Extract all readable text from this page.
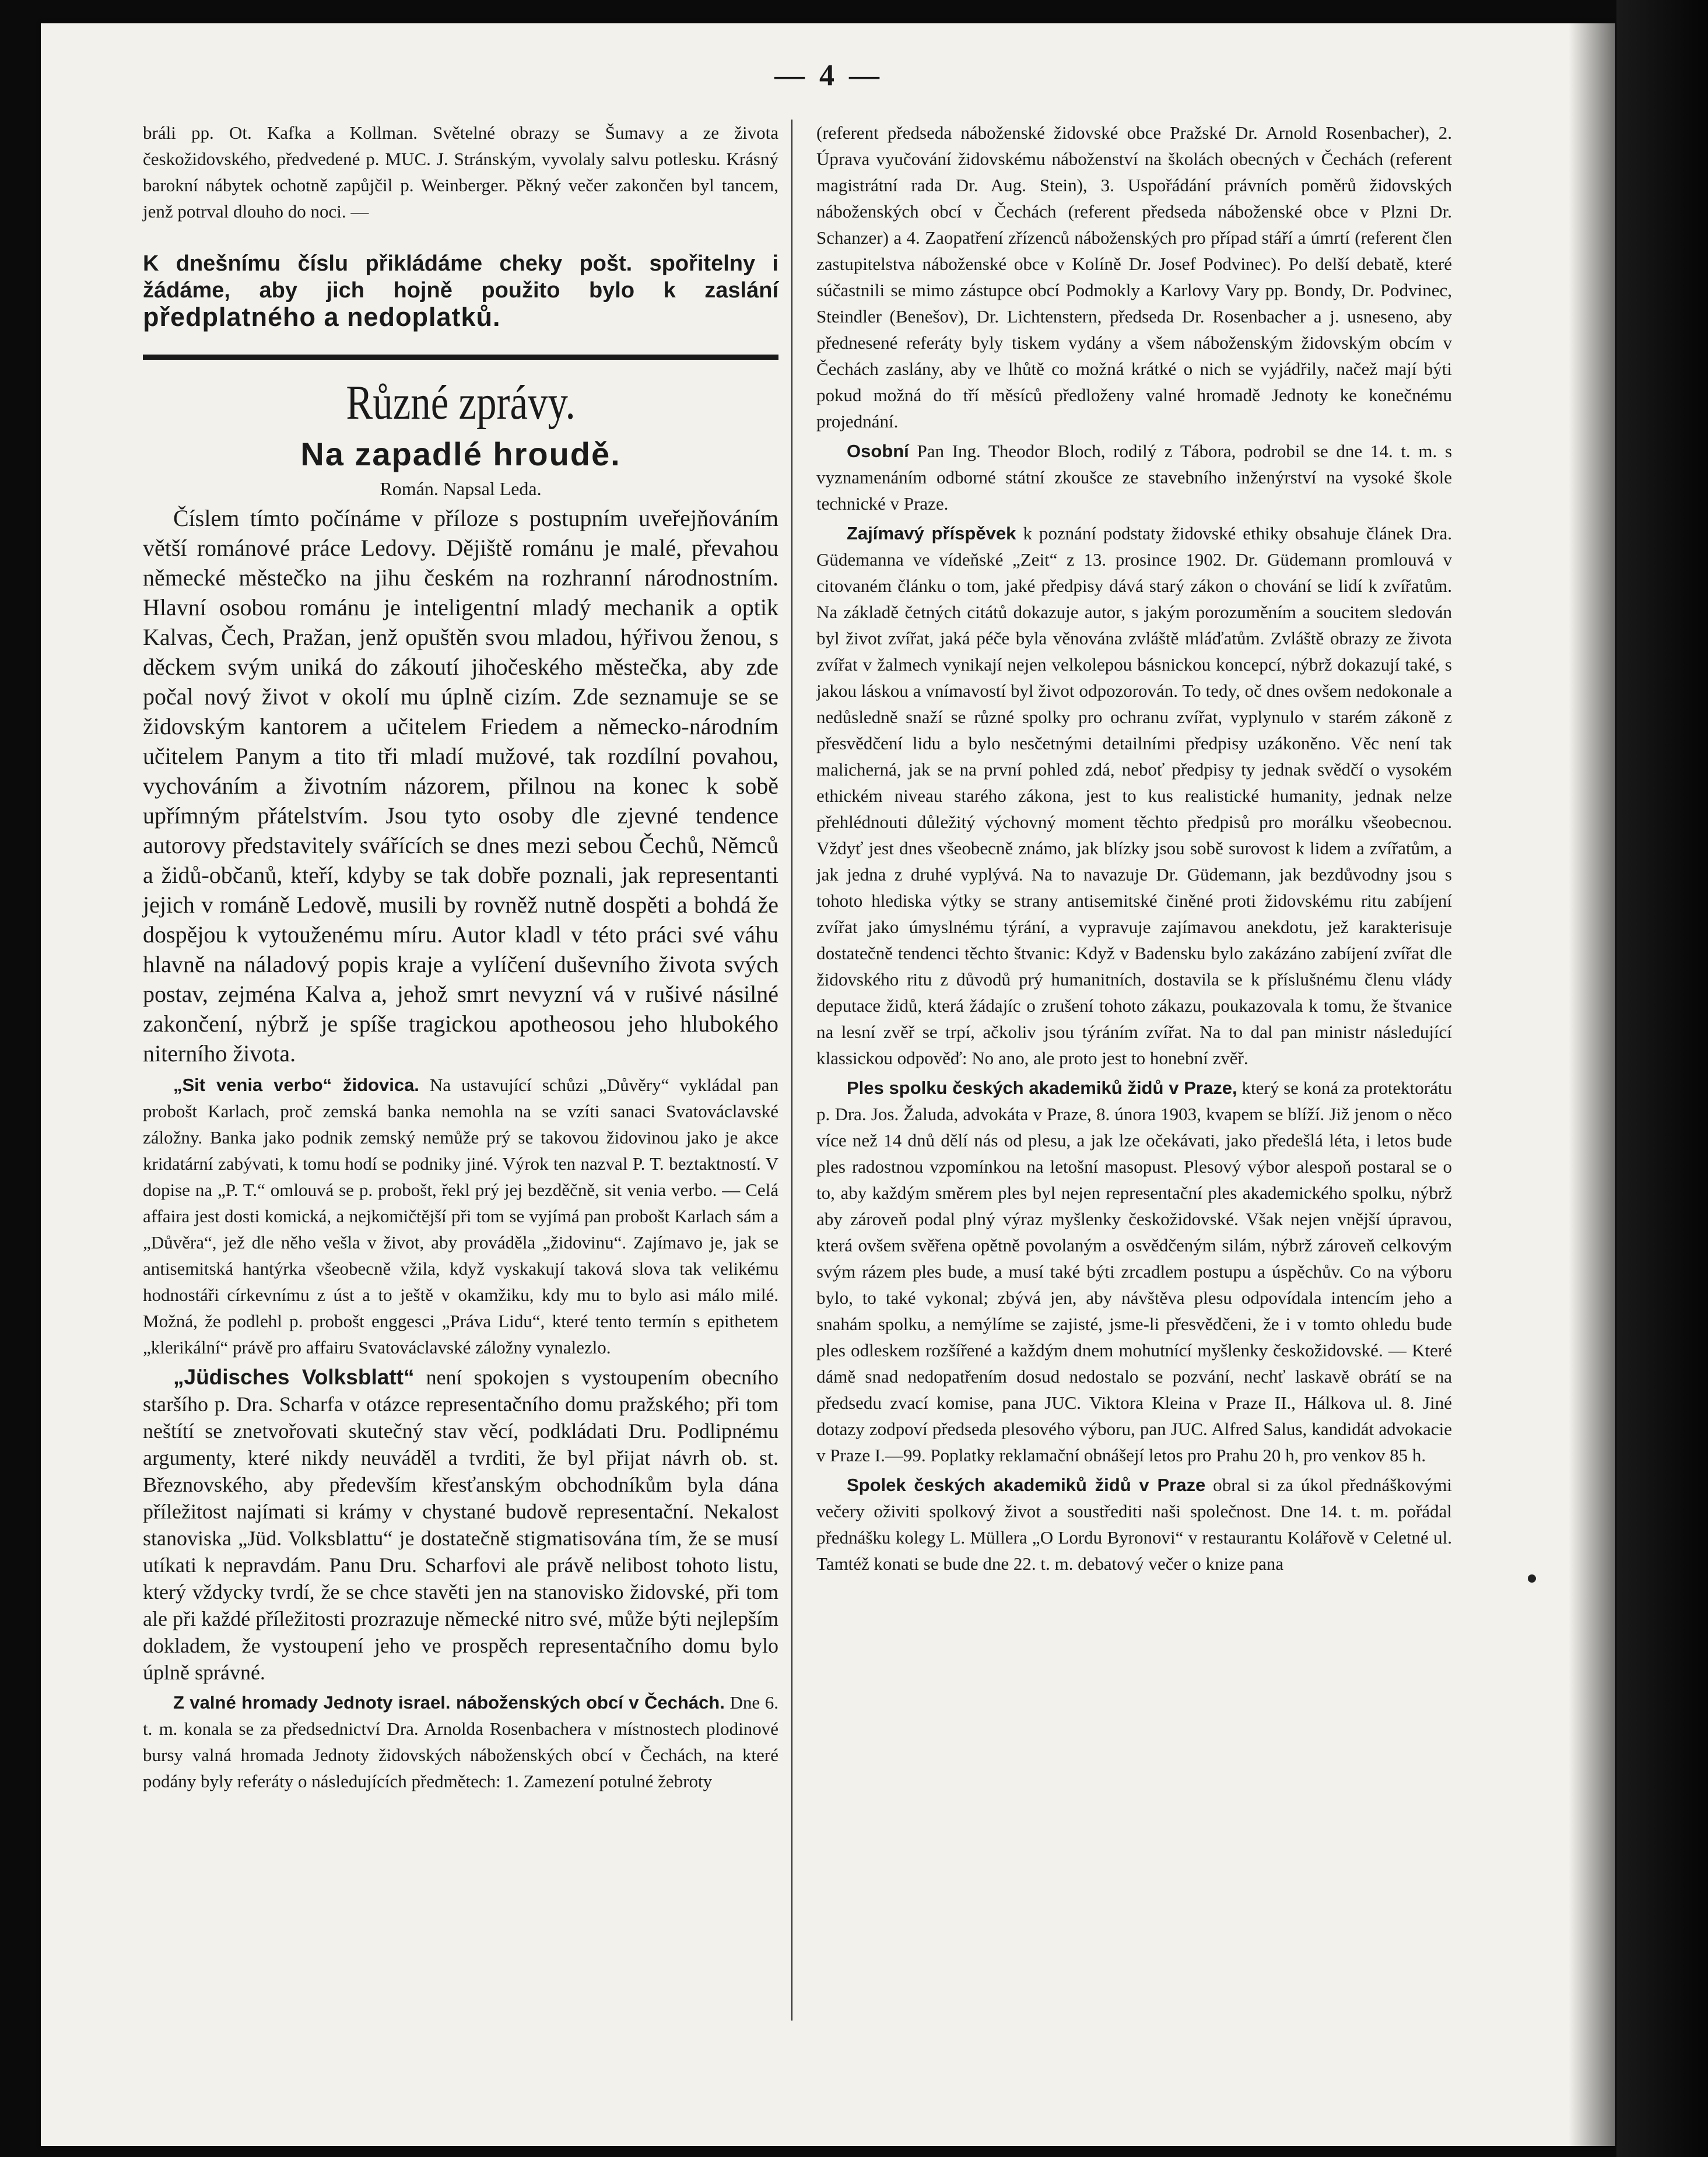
— 4 —

bráli pp. Ot. Kafka a Kollman. Světelné obrazy se Šumavy a ze života českožidovského, předvedené p. MUC. J. Stránským, vyvolaly salvu potlesku. Krásný barokní nábytek ochotně zapůjčil p. Weinberger. Pěkný večer zakončen byl tancem, jenž potrval dlouho do noci. —

K dnešnímu číslu přikládáme cheky pošt. spořitelny i žádáme, aby jich hojně použito bylo k zaslání předplatného a nedoplatků.
Různé zprávy.
Na zapadlé hroudě.
Román. Napsal Leda.

Číslem tímto počínáme v příloze s postupním uveřejňováním větší románové práce Ledovy. Dějiště románu je malé, převahou německé městečko na jihu českém na rozhranní národnostním. Hlavní osobou románu je inteligentní mladý mechanik a optik Kalvas, Čech, Pražan, jenž opuštěn svou mladou, hýřivou ženou, s děckem svým uniká do zákoutí jihočeského městečka, aby zde počal nový život v okolí mu úplně cizím. Zde seznamuje se se židovským kantorem a učitelem Friedem a německo-národním učitelem Panym a tito tři mladí mužové, tak rozdílní povahou, vychováním a životním názorem, přilnou na konec k sobě upřímným přátelstvím. Jsou tyto osoby dle zjevné tendence autorovy představitely svářících se dnes mezi sebou Čechů, Němců a židů-občanů, kteří, kdyby se tak dobře poznali, jak representanti jejich v románě Ledově, musili by rovněž nutně dospěti a bohdá že dospějou k vytouženému míru. Autor kladl v této práci své váhu hlavně na náladový popis kraje a vylíčení duševního života svých postav, zejména Kalva a, jehož smrt nevyzní vá v rušivé násilné zakončení, nýbrž je spíše tragickou apotheosou jeho hlubokého niterního života.

„Sit venia verbo“ židovica. Na ustavující schůzi „Důvěry“ vykládal pan probošt Karlach, proč zemská banka nemohla na se vzíti sanaci Svatováclavské záložny. Banka jako podnik zemský nemůže prý se takovou židovinou jako je akce kridatární zabývati, k tomu hodí se podniky jiné. Výrok ten nazval P. T. beztaktností. V dopise na „P. T.“ omlouvá se p. probošt, řekl prý jej bezděčně, sit venia verbo. — Celá affaira jest dosti komická, a nejkomičtější při tom se vyjímá pan probošt Karlach sám a „Důvěra“, jež dle něho vešla v život, aby prováděla „židovinu“. Zajímavo je, jak se antisemitská hantýrka všeobecně vžila, když vyskakují taková slova tak velikému hodnostáři církevnímu z úst a to ještě v okamžiku, kdy mu to bylo asi málo milé. Možná, že podlehl p. probošt enggesci „Práva Lidu“, které tento termín s epithetem „klerikální“ právě pro affairu Svatováclavské záložny vynalezlo.

„Jüdisches Volksblatt“ není spokojen s vystoupením obecního staršího p. Dra. Scharfa v otázce representačního domu pražského; při tom neštítí se znetvořovati skutečný stav věcí, podkládati Dru. Podlipnému argumenty, které nikdy neuváděl a tvrditi, že byl přijat návrh ob. st. Březnovského, aby především křesťanským obchodníkům byla dána příležitost najímati si krámy v chystané budově representační. Nekalost stanoviska „Jüd. Volksblattu“ je dostatečně stigmatisována tím, že se musí utíkati k nepravdám. Panu Dru. Scharfovi ale právě nelibost tohoto listu, který vždycky tvrdí, že se chce stavěti jen na stanovisko židovské, při tom ale při každé příležitosti prozrazuje německé nitro své, může býti nejlepším dokladem, že vystoupení jeho ve prospěch representačního domu bylo úplně správné.

Z valné hromady Jednoty israel. náboženských obcí v Čechách. Dne 6. t. m. konala se za předsednictví Dra. Arnolda Rosenbachera v místnostech plodinové bursy valná hromada Jednoty židovských náboženských obcí v Čechách, na které podány byly referáty o následujících předmětech: 1. Zamezení potulné žebroty

(referent předseda náboženské židovské obce Pražské Dr. Arnold Rosenbacher), 2. Úprava vyučování židovskému náboženství na školách obecných v Čechách (referent magistrátní rada Dr. Aug. Stein), 3. Uspořádání právních poměrů židovských náboženských obcí v Čechách (referent předseda náboženské obce v Plzni Dr. Schanzer) a 4. Zaopatření zřízenců náboženských pro případ stáří a úmrtí (referent člen zastupitelstva náboženské obce v Kolíně Dr. Josef Podvinec). Po delší debatě, které súčastnili se mimo zástupce obcí Podmokly a Karlovy Vary pp. Bondy, Dr. Podvinec, Steindler (Benešov), Dr. Lichtenstern, předseda Dr. Rosenbacher a j. usneseno, aby přednesené referáty byly tiskem vydány a všem náboženským židovským obcím v Čechách zaslány, aby ve lhůtě co možná krátké o nich se vyjádřily, načež mají býti pokud možná do tří měsíců předloženy valné hromadě Jednoty ke konečnému projednání.

Osobní Pan Ing. Theodor Bloch, rodilý z Tábora, podrobil se dne 14. t. m. s vyznamenáním odborné státní zkoušce ze stavebního inženýrství na vysoké škole technické v Praze.

Zajímavý příspěvek k poznání podstaty židovské ethiky obsahuje článek Dra. Güdemanna ve vídeňské „Zeit“ z 13. prosince 1902. Dr. Güdemann promlouvá v citovaném článku o tom, jaké předpisy dává starý zákon o chování se lidí k zvířatům. Na základě četných citátů dokazuje autor, s jakým porozuměním a soucitem sledován byl život zvířat, jaká péče byla věnována zvláště mláďatům. Zvláště obrazy ze života zvířat v žalmech vynikají nejen velkolepou básnickou koncepcí, nýbrž dokazují také, s jakou láskou a vnímavostí byl život odpozorován. To tedy, oč dnes ovšem nedokonale a nedůsledně snaží se různé spolky pro ochranu zvířat, vyplynulo v starém zákoně z přesvědčení lidu a bylo nesčetnými detailními předpisy uzákoněno. Věc není tak malicherná, jak se na první pohled zdá, neboť předpisy ty jednak svědčí o vysokém ethickém niveau starého zákona, jest to kus realistické humanity, jednak nelze přehlédnouti důležitý výchovný moment těchto předpisů pro morálku všeobecnou. Vždyť jest dnes všeobecně známo, jak blízky jsou sobě surovost k lidem a zvířatům, a jak jedna z druhé vyplývá. Na to navazuje Dr. Güdemann, jak bezdůvodny jsou s tohoto hlediska výtky se strany antisemitské činěné proti židovskému ritu zabíjení zvířat jako úmyslnému týrání, a vypravuje zajímavou anekdotu, jež karakterisuje dostatečně tendenci těchto štvanic: Když v Badensku bylo zakázáno zabíjení zvířat dle židovského ritu z důvodů prý humanitních, dostavila se k příslušnému členu vlády deputace židů, která žádajíc o zrušení tohoto zákazu, poukazovala k tomu, že štvanice na lesní zvěř se trpí, ačkoliv jsou týráním zvířat. Na to dal pan ministr následující klassickou odpověď: No ano, ale proto jest to honební zvěř.

Ples spolku českých akademiků židů v Praze, který se koná za protektorátu p. Dra. Jos. Žaluda, advokáta v Praze, 8. února 1903, kvapem se blíží. Již jenom o něco více než 14 dnů dělí nás od plesu, a jak lze očekávati, jako předešlá léta, i letos bude ples radostnou vzpomínkou na letošní masopust. Plesový výbor alespoň postaral se o to, aby každým směrem ples byl nejen representační ples akademického spolku, nýbrž aby zároveň podal plný výraz myšlenky českožidovské. Však nejen vnější úpravou, která ovšem svěřena opětně povolaným a osvědčeným silám, nýbrž zároveň celkovým svým rázem ples bude, a musí také býti zrcadlem postupu a úspěchův. Co na výboru bylo, to také vykonal; zbývá jen, aby návštěva plesu odpovídala intencím jeho a snahám spolku, a nemýlíme se zajisté, jsme-li přesvědčeni, že i v tomto ohledu bude ples odleskem rozšířené a každým dnem mohutnící myšlenky českožidovské. — Které dámě snad nedopatřením dosud nedostalo se pozvání, nechť laskavě obrátí se na předsedu zvací komise, pana JUC. Viktora Kleina v Praze II., Hálkova ul. 8. Jiné dotazy zodpoví předseda plesového výboru, pan JUC. Alfred Salus, kandidát advokacie v Praze I.—99. Poplatky reklamační obnášejí letos pro Prahu 20 h, pro venkov 85 h.

Spolek českých akademiků židů v Praze obral si za úkol přednáškovými večery oživiti spolkový život a soustřediti naši společnost. Dne 14. t. m. pořádal přednášku kolegy L. Müllera „O Lordu Byronovi“ v restaurantu Kolářově v Celetné ul. Tamtéž konati se bude dne 22. t. m. debatový večer o knize pana
